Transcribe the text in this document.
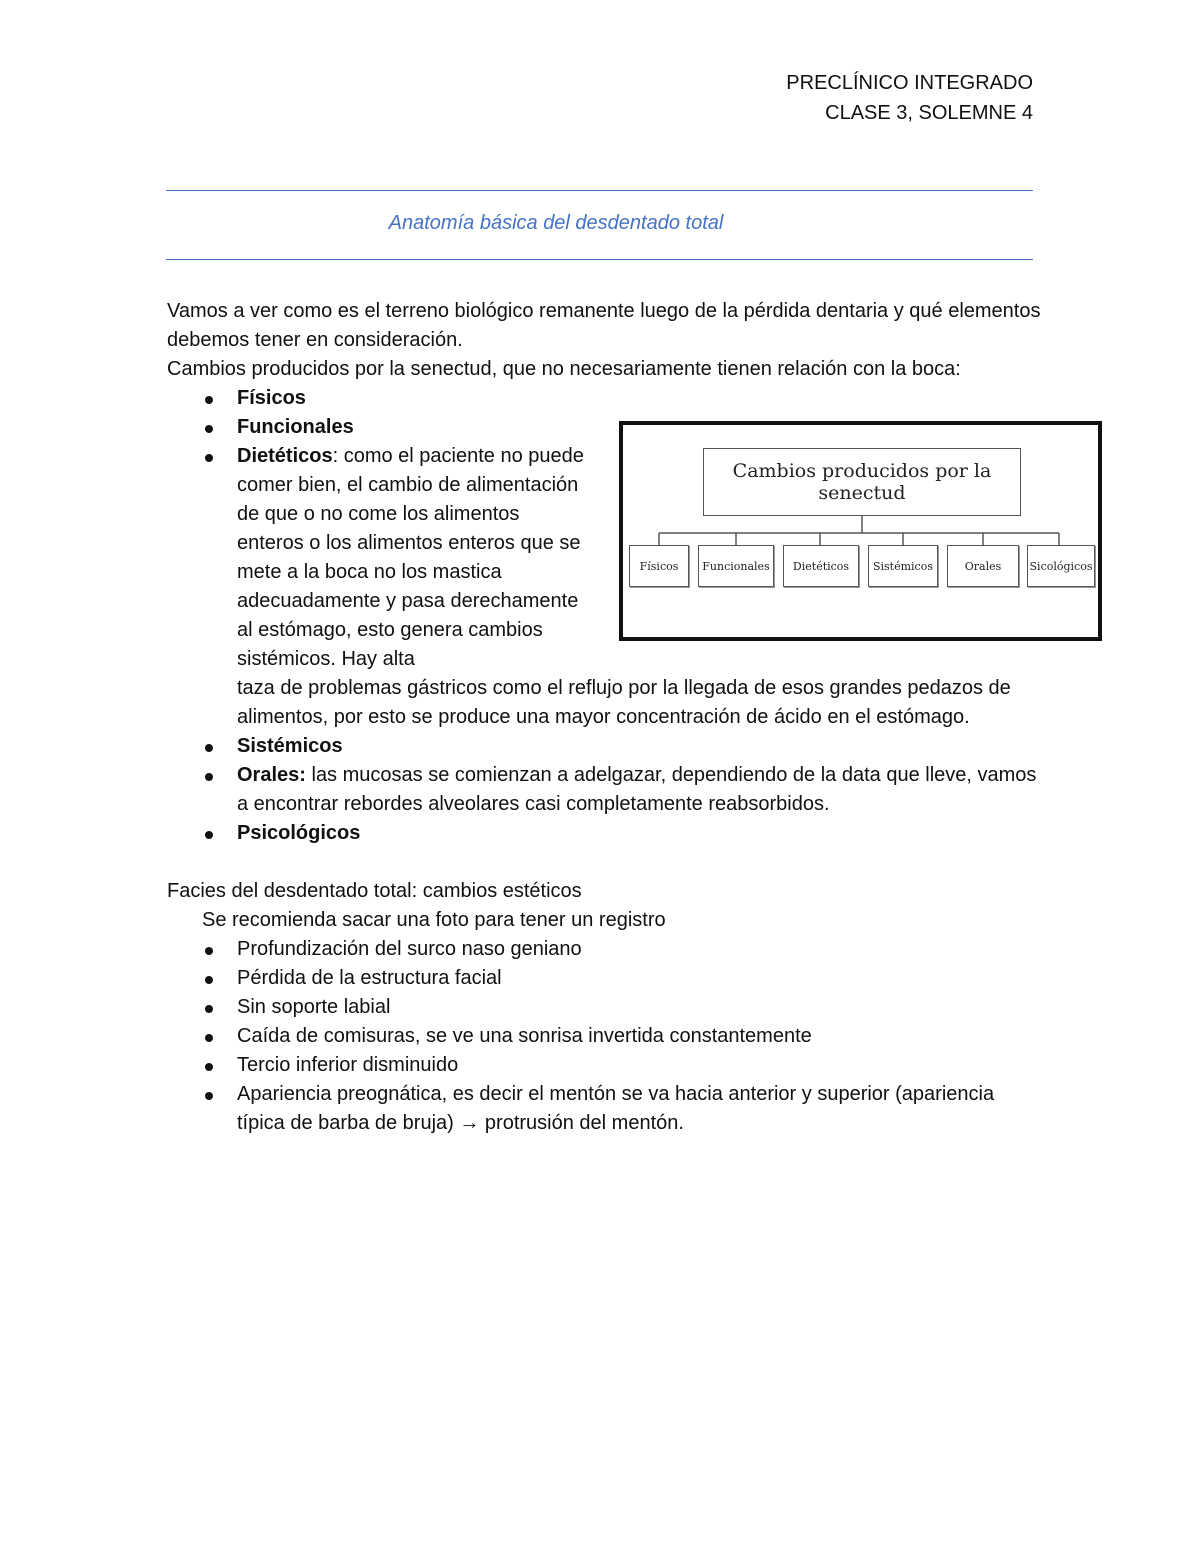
PRECLÍNICO INTEGRADO
CLASE 3, SOLEMNE 4
Anatomía básica del desdentado total

Vamos a ver como es el terreno biológico remanente luego de la pérdida dentaria y qué elementos debemos tener en consideración.

Cambios producidos por la senectud, que no necesariamente tienen relación con la boca:

Físicos
Funcionales
Dietéticos: como el paciente no puede comer bien, el cambio de alimentación de que o no come los alimentos enteros o los alimentos enteros que se mete a la boca no los mastica adecuadamente y pasa derechamente al estómago, esto genera cambios sistémicos. Hay alta

taza de problemas gástricos como el reflujo por la llegada de esos grandes pedazos de alimentos, por esto se produce una mayor concentración de ácido en el estómago.

Sistémicos
Orales: las mucosas se comienzan a adelgazar, dependiendo de la data que lleve, vamos a encontrar rebordes alveolares casi completamente reabsorbidos.
Psicológicos

Facies del desdentado total: cambios estéticos

Se recomienda sacar una foto para tener un registro

Profundización del surco naso geniano
Pérdida de la estructura facial
Sin soporte labial
Caída de comisuras, se ve una sonrisa invertida constantemente
Tercio inferior disminuido
Apariencia preognática, es decir el mentón se va hacia anterior y superior (apariencia típica de barba de bruja) → protrusión del mentón.
Cambios producidos por la senectud
Físicos	Funcionales	Dietéticos	Sistémicos	Orales	Sicológicos
